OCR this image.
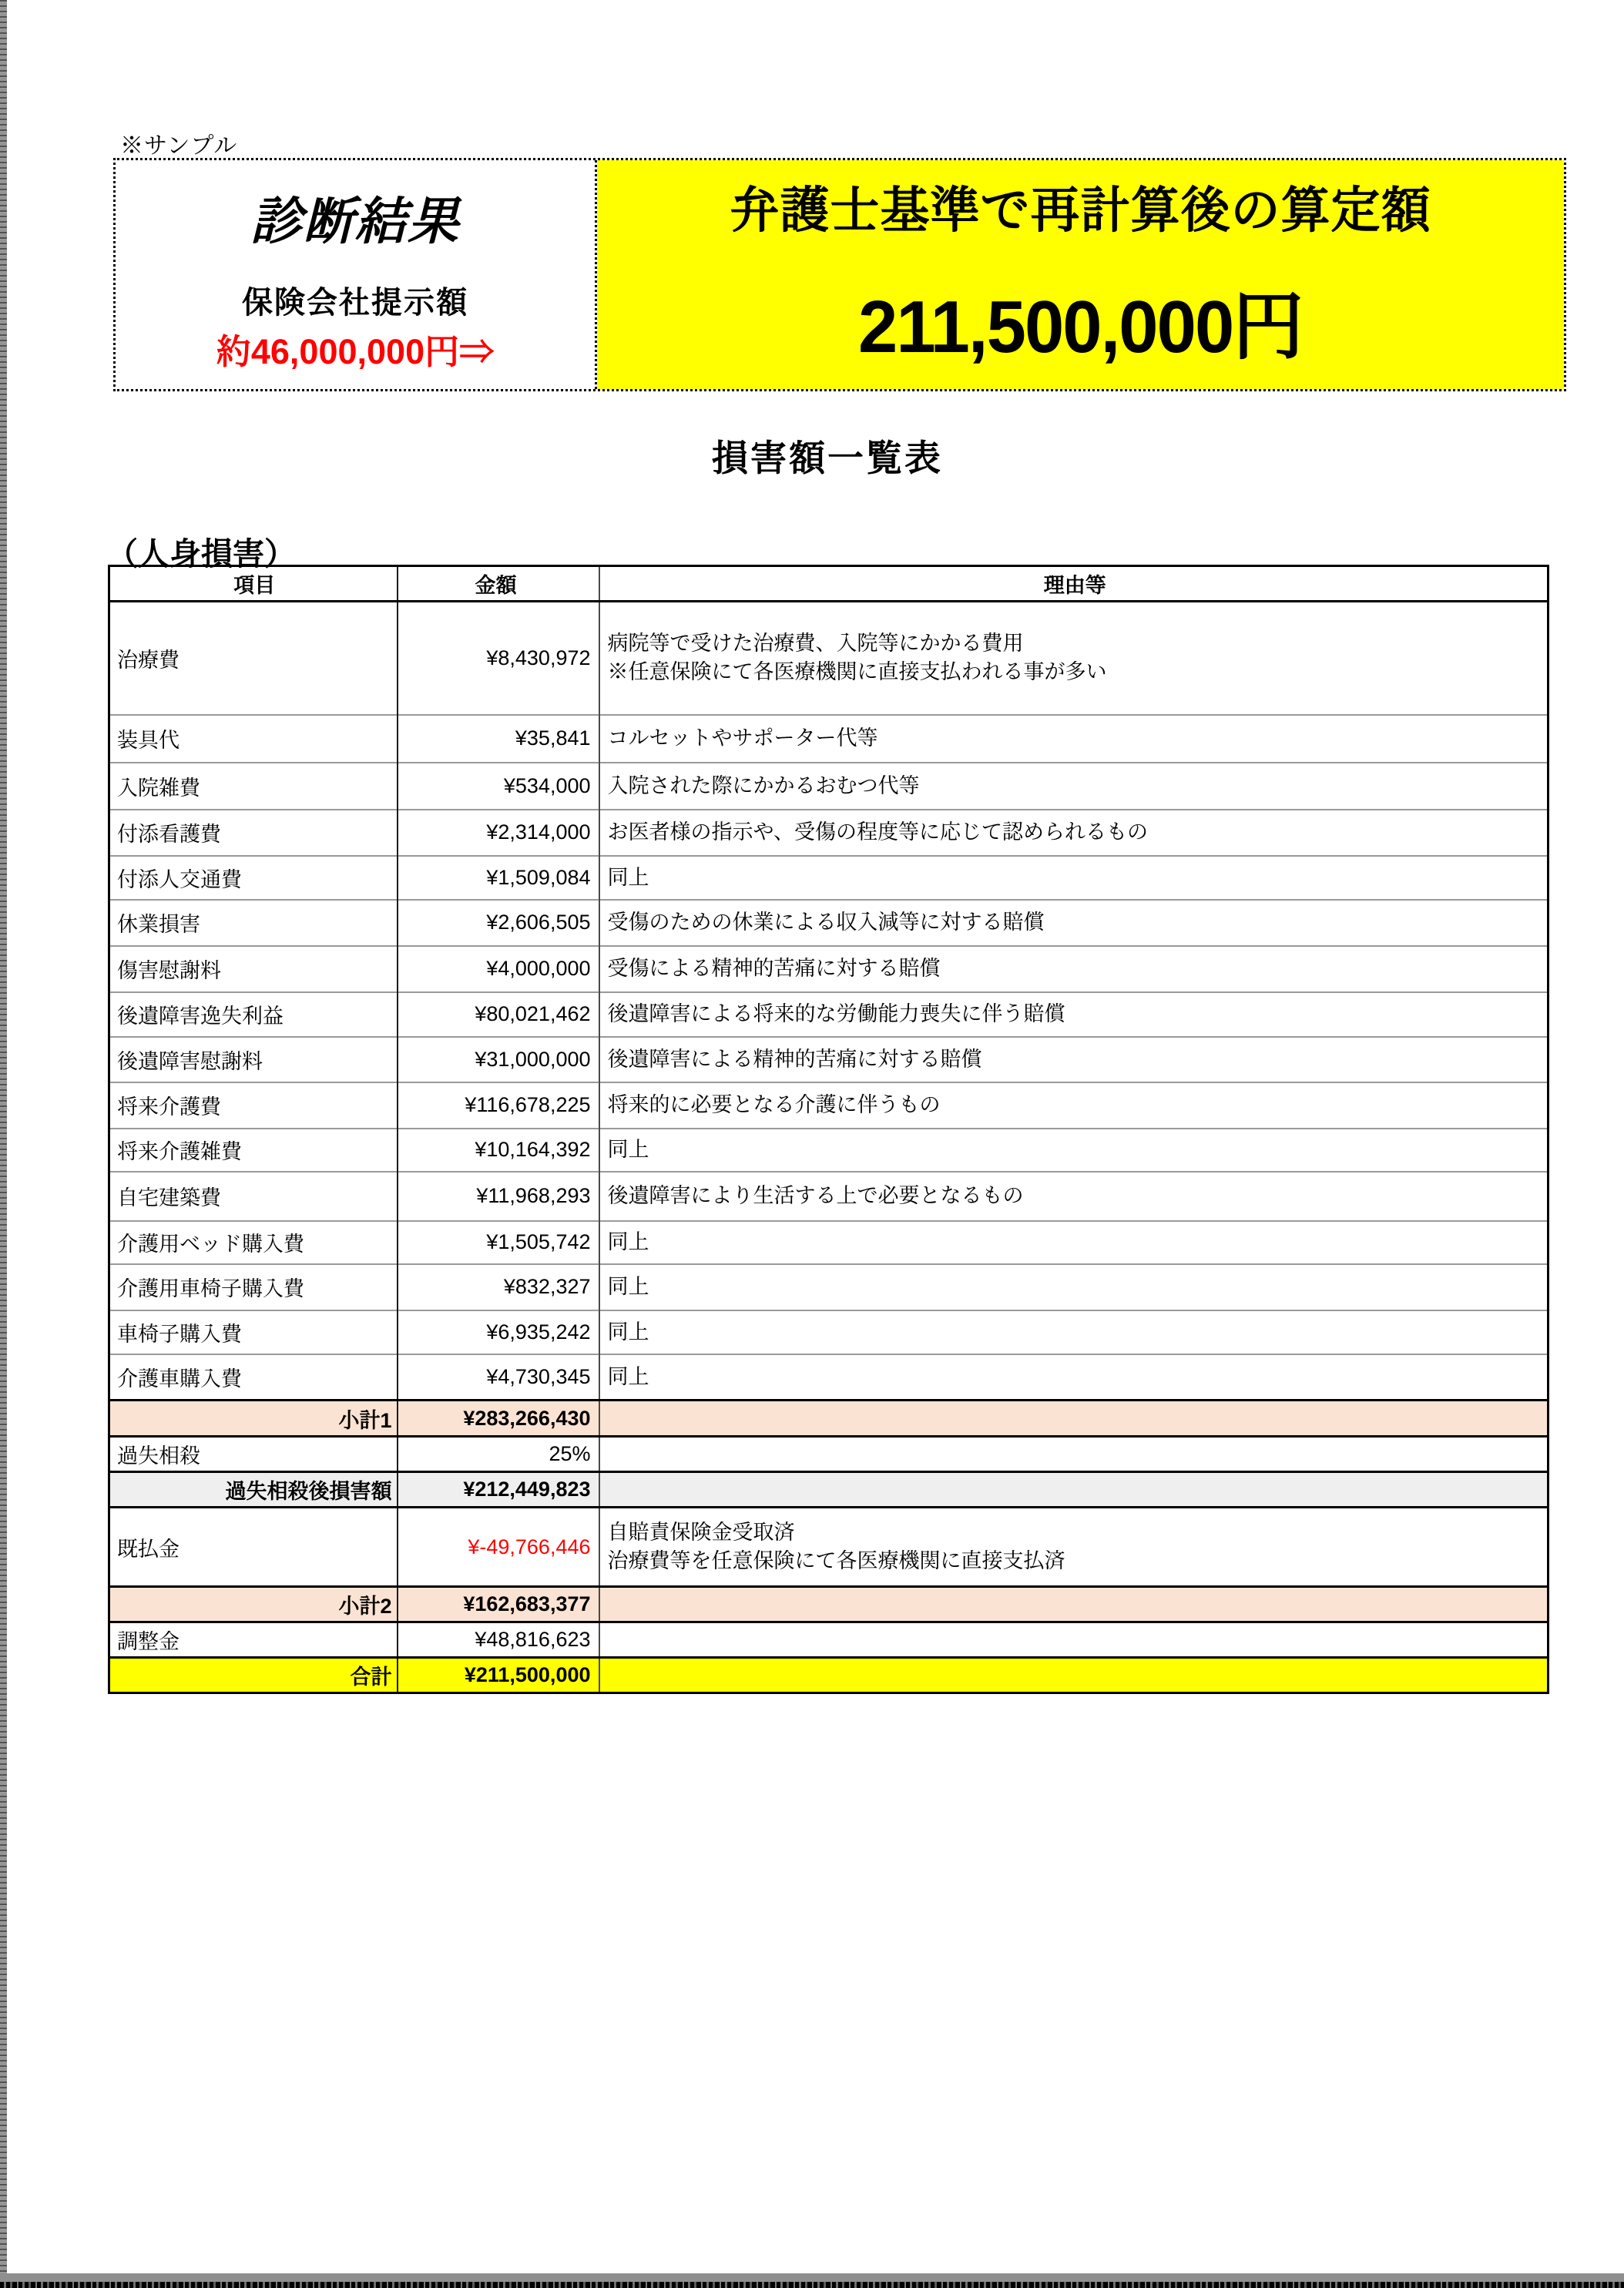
※サンプル
診断結果
保険会社提示額
約46,000,000円⇒
弁護士基準で再計算後の算定額
211,500,000円
損害額一覧表
（人身損害）
項目	金額	理由等
治療費	¥8,430,972	病院等で受けた治療費、入院等にかかる費用
※任意保険にて各医療機関に直接支払われる事が多い

装具代	¥35,841	コルセットやサポーター代等

入院雑費	¥534,000	入院された際にかかるおむつ代等

付添看護費	¥2,314,000	お医者様の指示や、受傷の程度等に応じて認められるもの

付添人交通費	¥1,509,084	同上

休業損害	¥2,606,505	受傷のための休業による収入減等に対する賠償

傷害慰謝料	¥4,000,000	受傷による精神的苦痛に対する賠償

後遺障害逸失利益	¥80,021,462	後遺障害による将来的な労働能力喪失に伴う賠償

後遺障害慰謝料	¥31,000,000	後遺障害による精神的苦痛に対する賠償

将来介護費	¥116,678,225	将来的に必要となる介護に伴うもの

将来介護雑費	¥10,164,392	同上

自宅建築費	¥11,968,293	後遺障害により生活する上で必要となるもの

介護用ベッド購入費	¥1,505,742	同上

介護用車椅子購入費	¥832,327	同上

車椅子購入費	¥6,935,242	同上

介護車購入費	¥4,730,345	同上

小計1	¥283,266,430	
過失相殺	25%	
過失相殺後損害額	¥212,449,823	
既払金	¥-49,766,446	自賠責保険金受取済
治療費等を任意保険にて各医療機関に直接支払済

小計2	¥162,683,377	
調整金	¥48,816,623	
合計	¥211,500,000	
